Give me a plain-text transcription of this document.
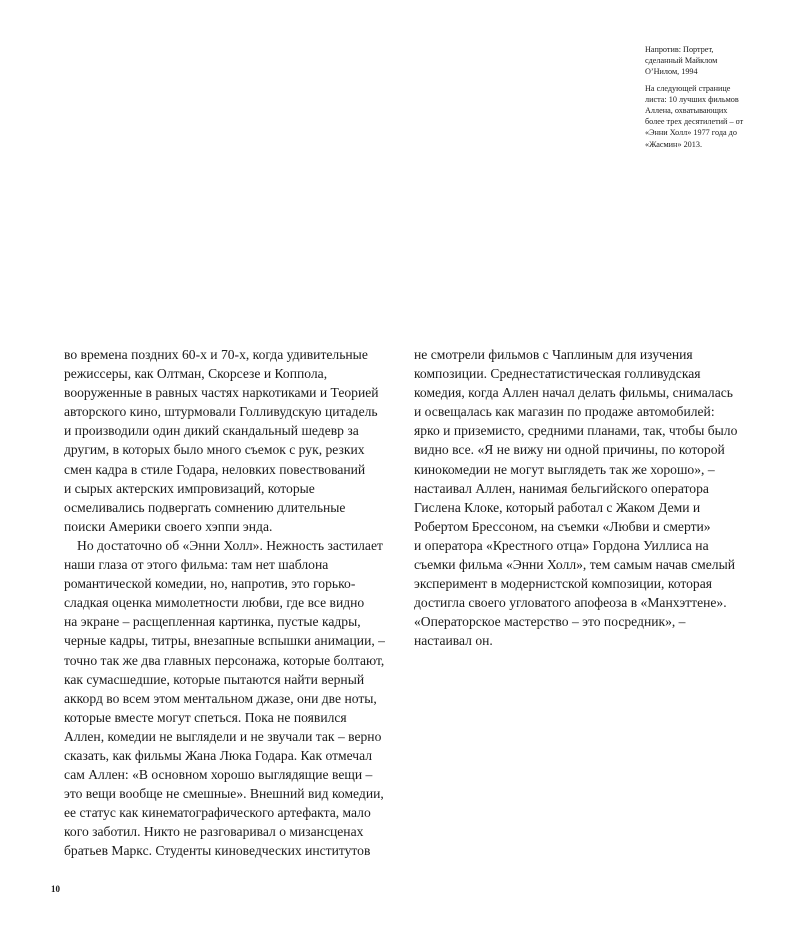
Напротив: Портрет,
сделанный Майклом
О’Нилом, 1994

На следующей странице
листа: 10 лучших фильмов
Аллена, охватывающих
более трех десятилетий – от
«Энни Холл» 1977 года до
«Жасмин» 2013.

во времена поздних 60-х и 70-х, когда удивительные
режиссеры, как Олтман, Скорсезе и Коппола,
вооруженные в равных частях наркотиками и Теорией
авторского кино, штурмовали Голливудскую цитадель
и производили один дикий скандальный шедевр за
другим, в которых было много съемок с рук, резких
смен кадра в стиле Годара, неловких повествований
и сырых актерских импровизаций, которые
осмеливались подвергать сомнению длительные
поиски Америки своего хэппи энда.
Но достаточно об «Энни Холл». Нежность застилает
наши глаза от этого фильма: там нет шаблона
романтической комедии, но, напротив, это горько-
сладкая оценка мимолетности любви, где все видно
на экране – расщепленная картинка, пустые кадры,
черные кадры, титры, внезапные вспышки анимации, –
точно так же два главных персонажа, которые болтают,
как сумасшедшие, которые пытаются найти верный
аккорд во всем этом ментальном джазе, они две ноты,
которые вместе могут спеться. Пока не появился
Аллен, комедии не выглядели и не звучали так – верно
сказать, как фильмы Жана Люка Годара. Как отмечал
сам Аллен: «В основном хорошо выглядящие вещи –
это вещи вообще не смешные». Внешний вид комедии,
ее статус как кинематографического артефакта, мало
кого заботил. Никто не разговаривал о мизансценах
братьев Маркс. Студенты киноведческих институтов
не смотрели фильмов с Чаплиным для изучения
композиции. Среднестатистическая голливудская
комедия, когда Аллен начал делать фильмы, снималась
и освещалась как магазин по продаже автомобилей:
ярко и приземисто, средними планами, так, чтобы было
видно все. «Я не вижу ни одной причины, по которой
кинокомедии не могут выглядеть так же хорошо», –
настаивал Аллен, нанимая бельгийского оператора
Гислена Клоке, который работал с Жаком Деми и
Робертом Брессоном, на съемки «Любви и смерти»
и оператора «Крестного отца» Гордона Уиллиса на
съемки фильма «Энни Холл», тем самым начав смелый
эксперимент в модернистской композиции, которая
достигла своего угловатого апофеоза в «Манхэттене».
«Операторское мастерство – это посредник», –
настаивал он.
10
